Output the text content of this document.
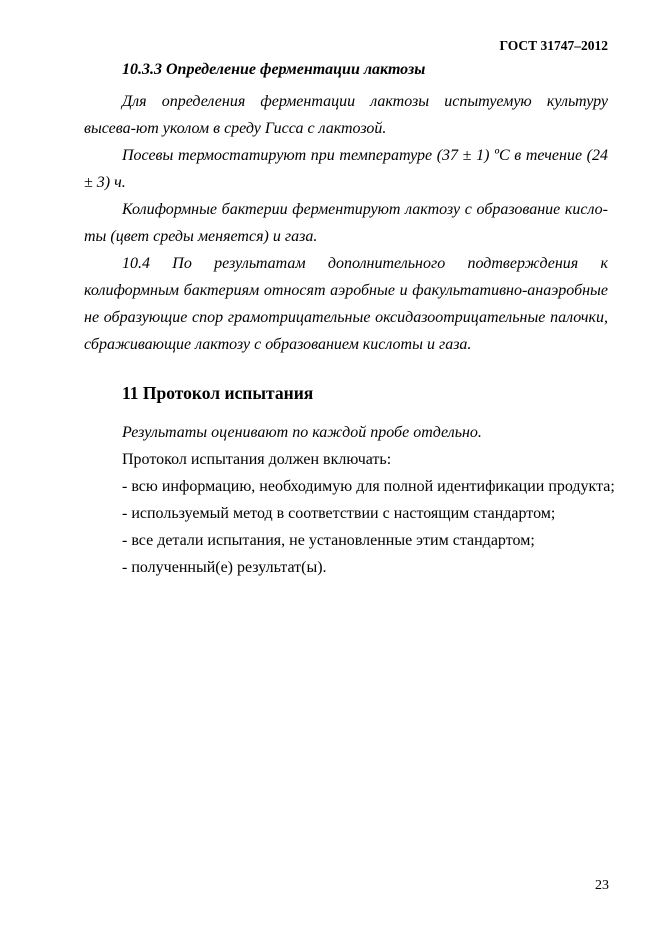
ГОСТ 31747–2012
10.3.3 Определение ферментации лактозы

Для определения ферментации лактозы испытуемую культуру высева-ют уколом в среду Гисса с лактозой.

Посевы термостатируют при температуре (37 ± 1) ºС в течение (24 ± 3) ч.

Колиформные бактерии ферментируют лактозу с образование кисло-ты (цвет среды меняется) и газа.

10.4 По результатам дополнительного подтверждения к колиформным бактериям относят аэробные и факультативно-анаэробные не образующие спор грамотрицательные оксидазоотрицательные палочки, сбраживающие лактозу с образованием кислоты и газа.

11 Протокол испытания
Результаты оценивают по каждой пробе отдельно.
Протокол испытания должен включать:
- всю информацию, необходимую для полной идентификации продукта;
- используемый метод в соответствии с настоящим стандартом;
- все детали испытания, не установленные этим стандартом;
- полученный(е) результат(ы).
23
